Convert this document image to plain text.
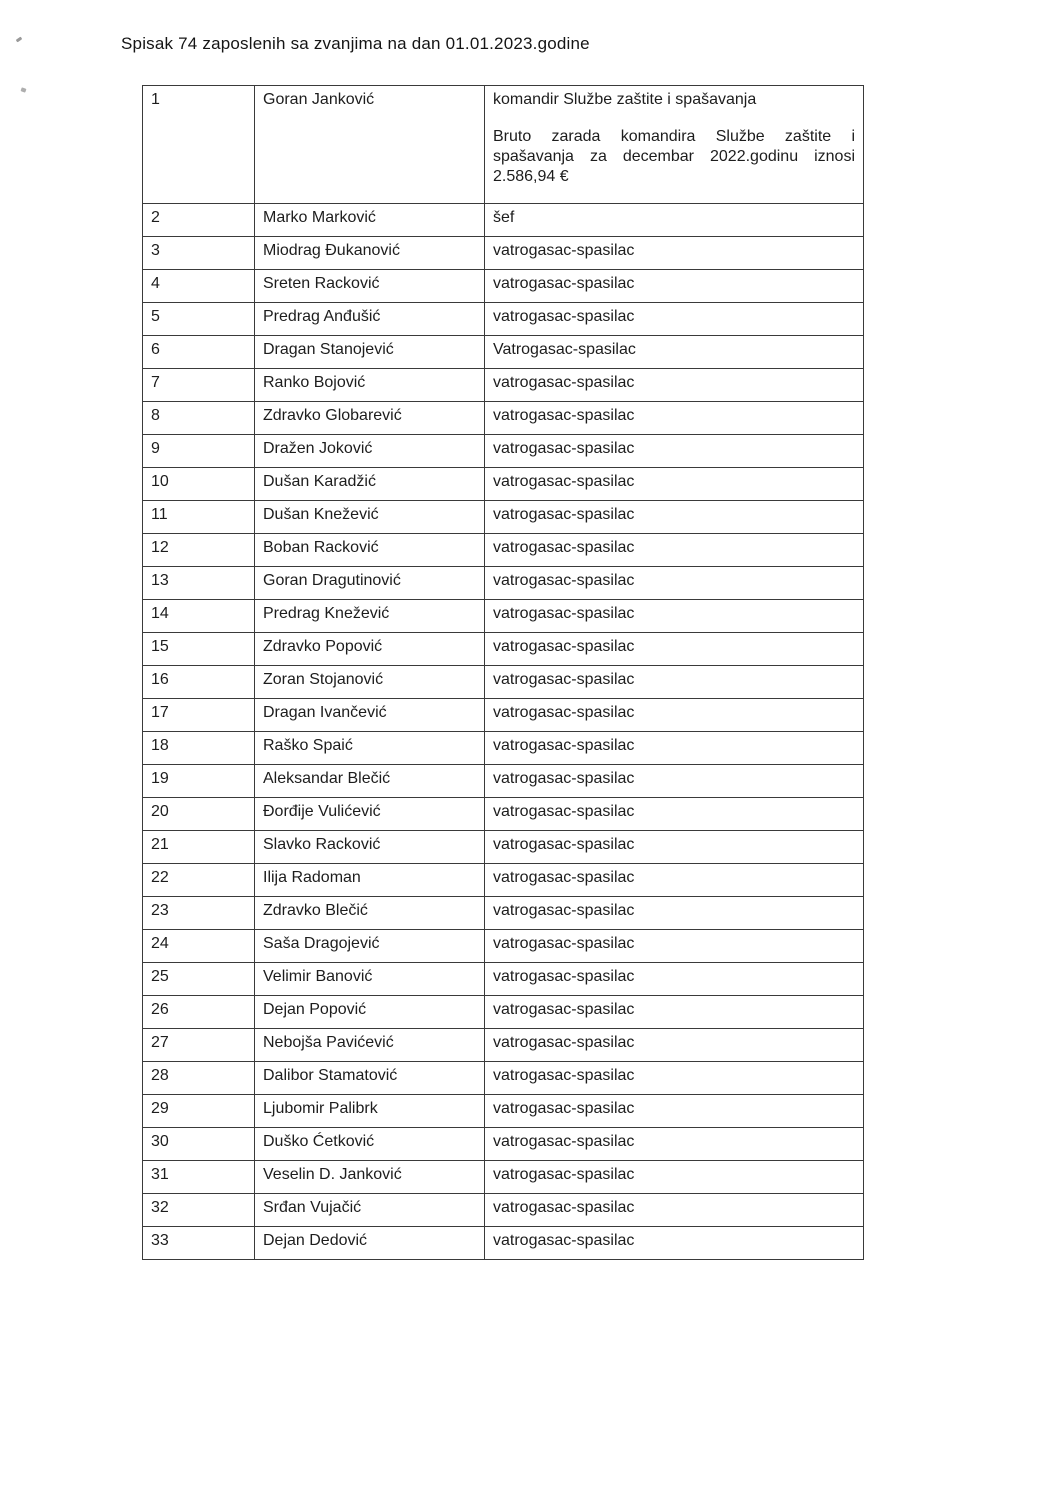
Spisak 74 zaposlenih sa zvanjima na dan 01.01.2023.godine
1	Goran Janković	komandir Službe zaštite i spašavanja
Bruto zarada komandira Službe zaštite i spašavanja za decembar 2022.godinu iznosi 2.586,94 €

2	Marko Marković	šef

3	Miodrag Đukanović	vatrogasac-spasilac

4	Sreten Racković	vatrogasac-spasilac

5	Predrag Anđušić	vatrogasac-spasilac

6	Dragan Stanojević	Vatrogasac-spasilac

7	Ranko Bojović	vatrogasac-spasilac

8	Zdravko Globarević	vatrogasac-spasilac

9	Dražen Joković	vatrogasac-spasilac

10	Dušan Karadžić	vatrogasac-spasilac

11	Dušan Knežević	vatrogasac-spasilac

12	Boban Racković	vatrogasac-spasilac

13	Goran Dragutinović	vatrogasac-spasilac

14	Predrag Knežević	vatrogasac-spasilac

15	Zdravko Popović	vatrogasac-spasilac

16	Zoran Stojanović	vatrogasac-spasilac

17	Dragan Ivančević	vatrogasac-spasilac

18	Raško Spaić	vatrogasac-spasilac

19	Aleksandar Blečić	vatrogasac-spasilac

20	Đorđije Vulićević	vatrogasac-spasilac

21	Slavko Racković	vatrogasac-spasilac

22	Ilija Radoman	vatrogasac-spasilac

23	Zdravko Blečić	vatrogasac-spasilac

24	Saša Dragojević	vatrogasac-spasilac

25	Velimir Banović	vatrogasac-spasilac

26	Dejan Popović	vatrogasac-spasilac

27	Nebojša Pavićević	vatrogasac-spasilac

28	Dalibor Stamatović	vatrogasac-spasilac

29	Ljubomir Palibrk	vatrogasac-spasilac

30	Duško Ćetković	vatrogasac-spasilac

31	Veselin D. Janković	vatrogasac-spasilac

32	Srđan Vujačić	vatrogasac-spasilac

33	Dejan Dedović	vatrogasac-spasilac
